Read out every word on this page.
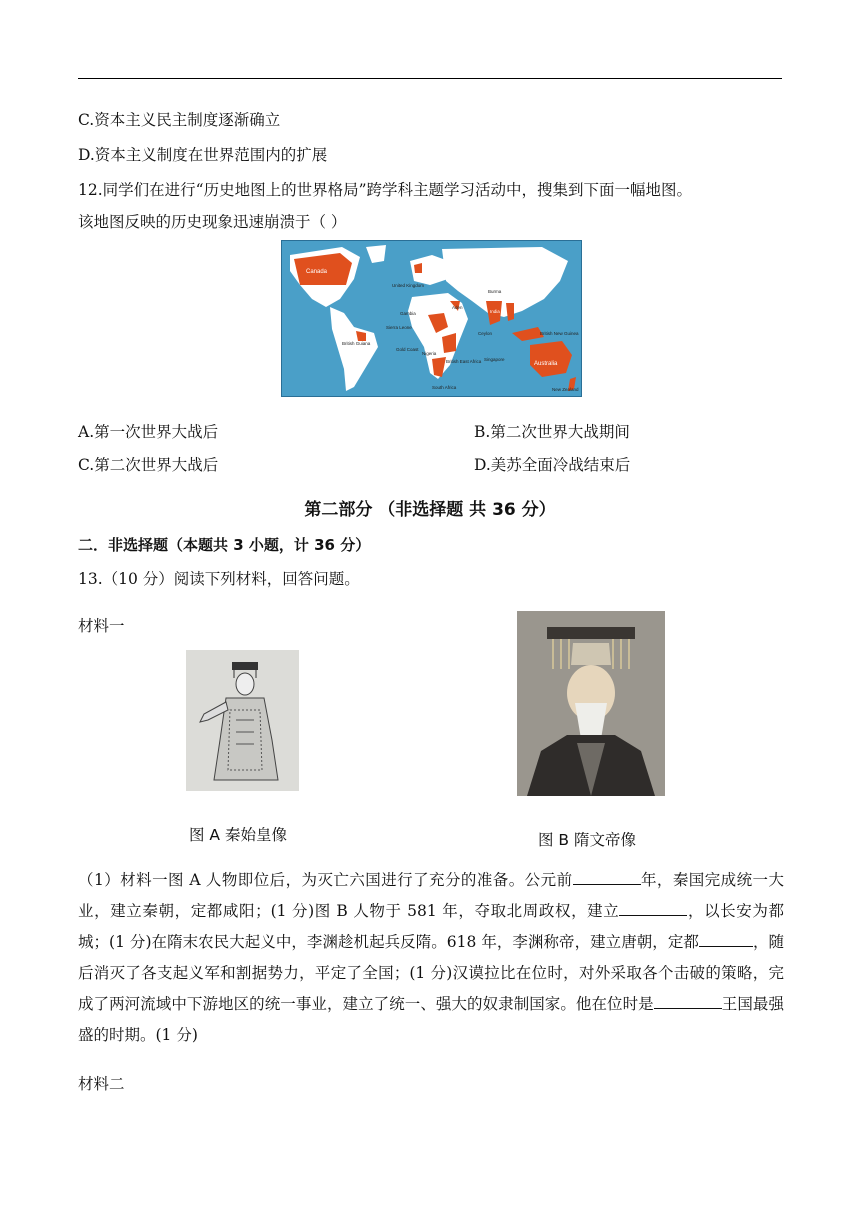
C.资本主义民主制度逐渐确立
D.资本主义制度在世界范围内的扩展
12.同学们在进行“历史地图上的世界格局”跨学科主题学习活动中，搜集到下面一幅地图。
该地图反映的历史现象迅速崩溃于（ ）
Canada
United Kingdom
Burma
India
Aden
Gambia
Sierra Leone
Gold Coast
Nigeria
British Guiana
British East Africa
Ceylon
Singapore
British New Guinea
Australia
South Africa	New Zealand
A.第一次世界大战后	B.第二次世界大战期间
C.第二次世界大战后	D.美苏全面冷战结束后
第二部分 （非选择题 共 36 分）
二．非选择题（本题共 3 小题，计 36 分）
13.（10 分）阅读下列材料，回答问题。
材料一
图 A 秦始皇像	图 B 隋文帝像
（1）材料一图 A 人物即位后，为灭亡六国进行了充分的准备。公元前	年，秦国完成统一大业，建立秦朝，定都咸阳；(1 分)图 B 人物于 581 年，夺取北周政权，建立	，以长安为都城；(1 分)在隋末农民大起义中，李渊趁机起兵反隋。618 年，李渊称帝，建立唐朝，定都	，随后消灭了各支起义军和割据势力，平定了全国；(1 分)汉谟拉比在位时，对外采取各个击破的策略，完成了两河流域中下游地区的统一事业，建立了统一、强大的奴隶制国家。他在位时是	王国最强盛的时期。(1 分)
材料二
